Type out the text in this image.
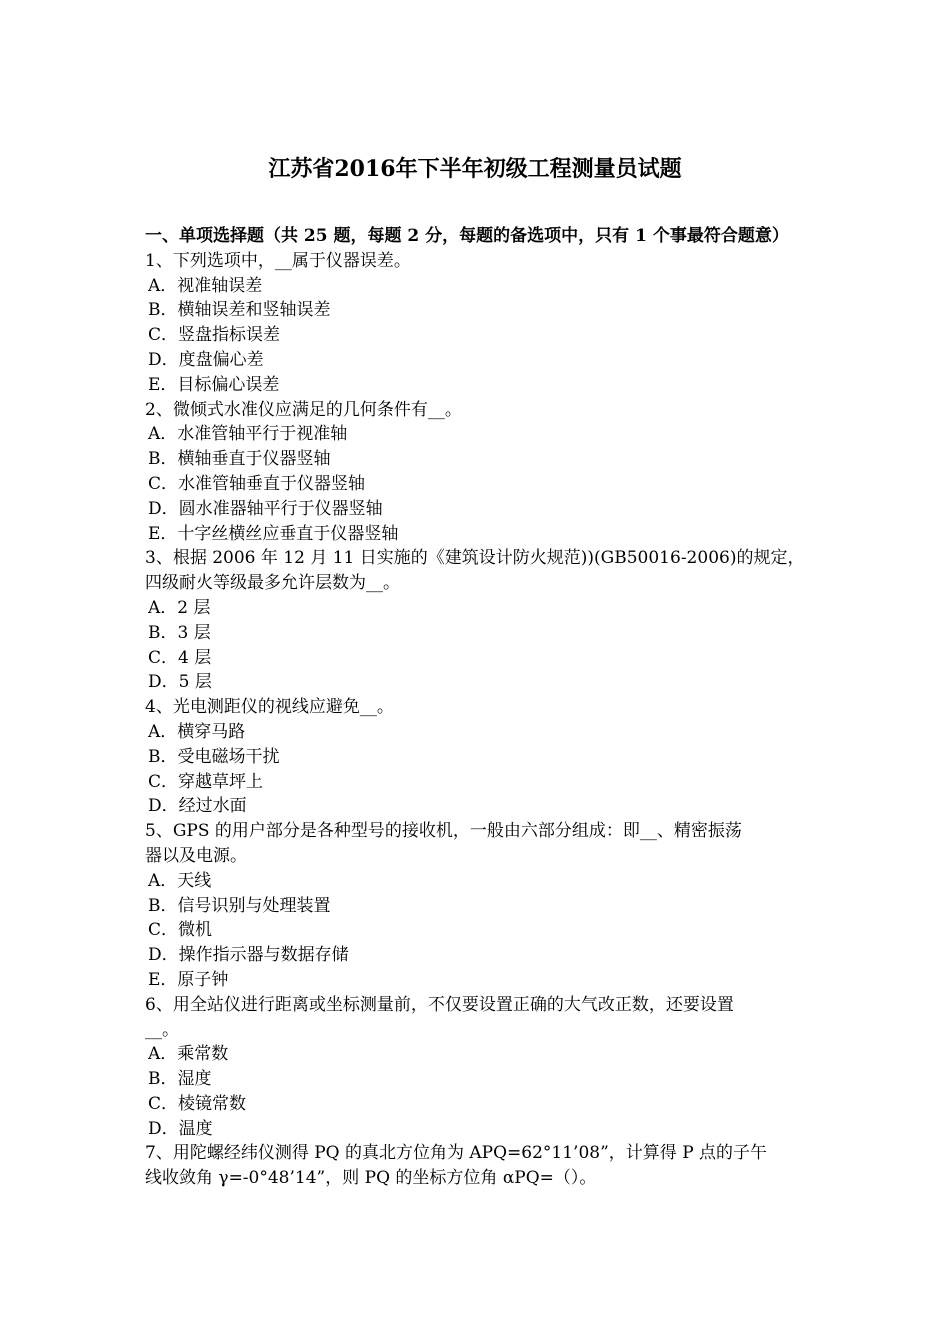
江苏省2016年下半年初级工程测量员试题

一、单项选择题（共 25 题，每题 2 分，每题的备选项中，只有 1 个事最符合题意）

1、下列选项中，__属于仪器误差。

A．视准轴误差

B．横轴误差和竖轴误差

C．竖盘指标误差

D．度盘偏心差

E．目标偏心误差

2、微倾式水准仪应满足的几何条件有__。

A．水准管轴平行于视准轴

B．横轴垂直于仪器竖轴

C．水准管轴垂直于仪器竖轴

D．圆水准器轴平行于仪器竖轴

E．十字丝横丝应垂直于仪器竖轴

3、根据 2006 年 12 月 11 日实施的《建筑设计防火规范))(GB50016-2006)的规定，

四级耐火等级最多允许层数为__。

A．2 层

B．3 层

C．4 层

D．5 层

4、光电测距仪的视线应避免__。

A．横穿马路

B．受电磁场干扰

C．穿越草坪上

D．经过水面

5、GPS 的用户部分是各种型号的接收机，一般由六部分组成：即__、精密振荡

器以及电源。

A．天线

B．信号识别与处理装置

C．微机

D．操作指示器与数据存储

E．原子钟

6、用全站仪进行距离或坐标测量前，不仅要设置正确的大气改正数，还要设置

__。

A．乘常数

B．湿度

C．棱镜常数

D．温度

7、用陀螺经纬仪测得 PQ 的真北方位角为 APQ=62°11’08”，计算得 P 点的子午

线收敛角 γ=-0°48’14”，则 PQ 的坐标方位角 αPQ=（）。
